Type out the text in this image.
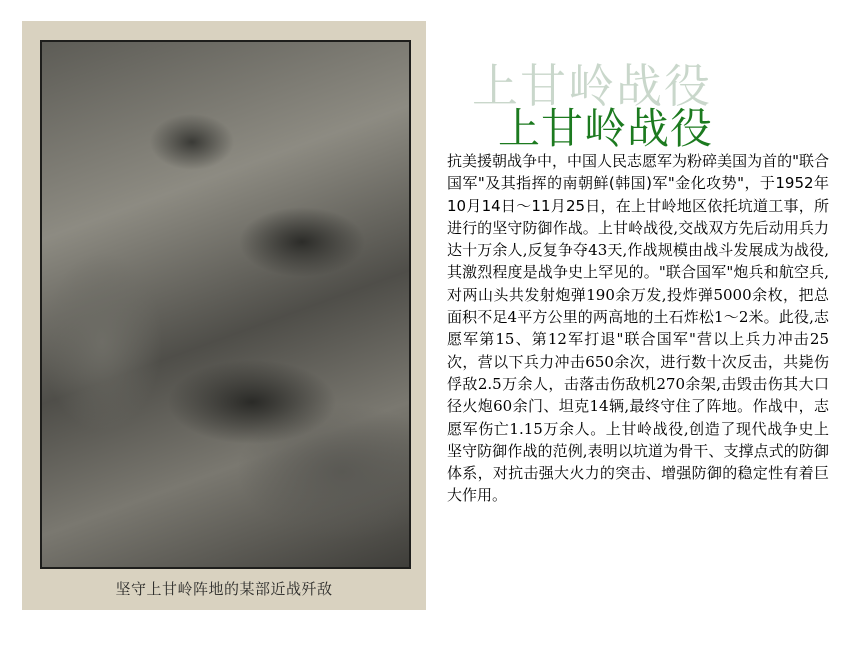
坚守上甘岭阵地的某部近战歼敌
上甘岭战役
上甘岭战役
抗美援朝战争中，中国人民志愿军为粉碎美国为首的"联合国军"及其指挥的南朝鲜(韩国)军"金化攻势"，于1952年10月14日～11月25日，在上甘岭地区依托坑道工事，所进行的坚守防御作战。上甘岭战役,交战双方先后动用兵力达十万余人,反复争夺43天,作战规模由战斗发展成为战役,其激烈程度是战争史上罕见的。"联合国军"炮兵和航空兵,对两山头共发射炮弹190余万发,投炸弹5000余枚，把总面积不足4平方公里的两高地的土石炸松1～2米。此役,志愿军第15、第12军打退"联合国军"营以上兵力冲击25次，营以下兵力冲击650余次，进行数十次反击，共毙伤俘敌2.5万余人，击落击伤敌机270余架,击毁击伤其大口径火炮60余门、坦克14辆,最终守住了阵地。作战中，志愿军伤亡1.15万余人。上甘岭战役,创造了现代战争史上坚守防御作战的范例,表明以坑道为骨干、支撑点式的防御体系，对抗击强大火力的突击、增强防御的稳定性有着巨大作用。
